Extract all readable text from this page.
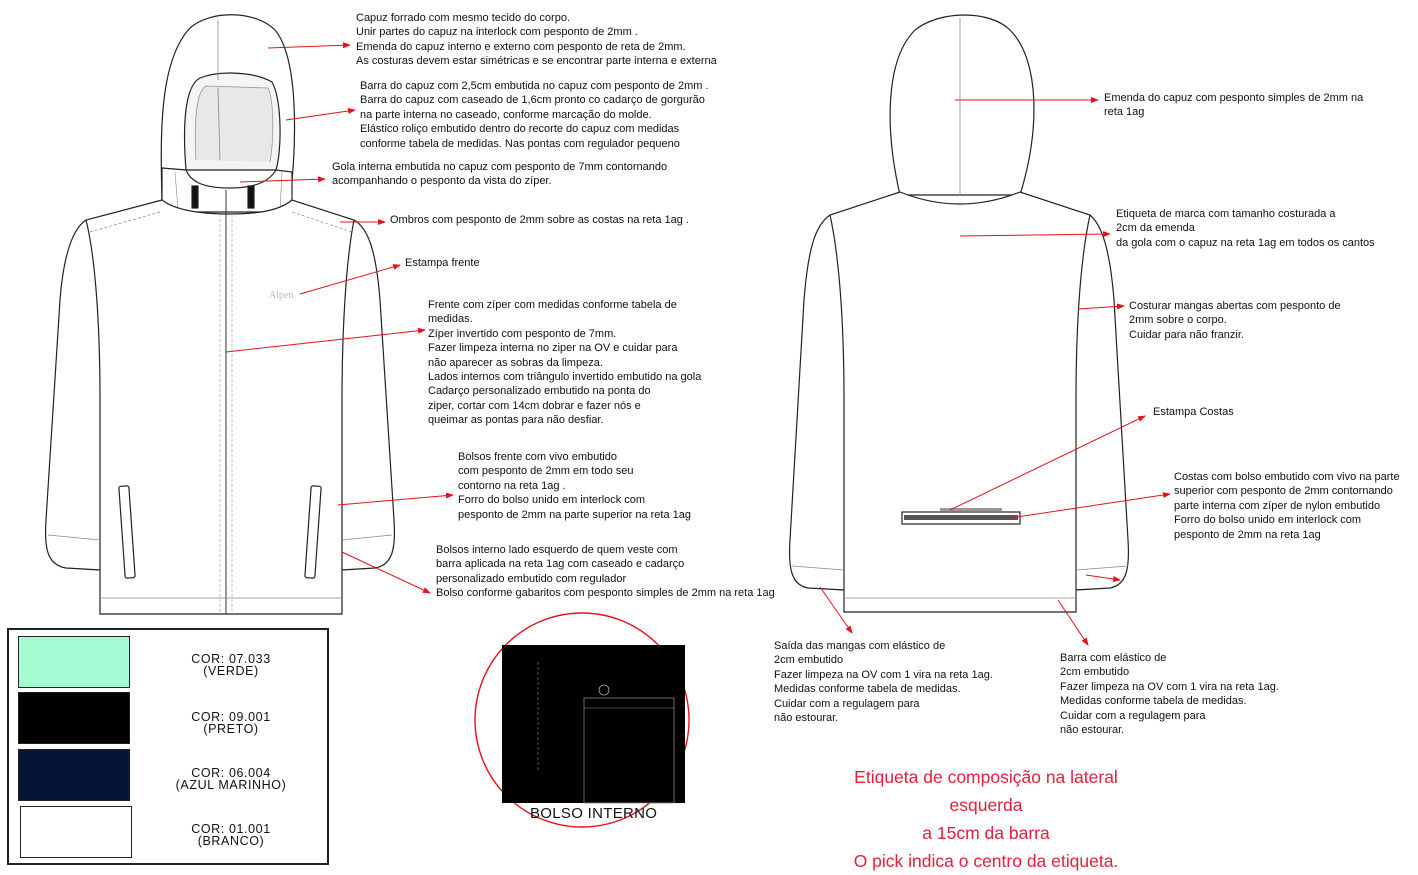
Capuz forrado com mesmo tecido do corpo.
Unir partes do capuz na interlock com pesponto de 2mm .
Emenda do capuz interno e externo com pesponto de reta de 2mm.
As costuras devem estar simétricas e se encontrar parte interna e externa
Barra do capuz com 2,5cm embutida no capuz com pesponto de 2mm .
Barra do capuz com caseado de 1,6cm pronto co cadarço de gorgurão
na parte interna no caseado, conforme marcação do molde.
Elástico roliço embutido dentro do recorte do capuz com medidas
conforme tabela de medidas. Nas pontas com regulador pequeno
Gola interna embutida no capuz com pesponto de 7mm contornando
acompanhando o pesponto da vista do zíper.
Ombros com pesponto de 2mm sobre as costas na reta 1ag .
Estampa frente
Frente com zíper com medidas conforme tabela de
medidas.
Zíper invertido com pesponto de 7mm.
Fazer limpeza interna no ziper na OV e cuidar para
não aparecer as sobras da limpeza.
Lados internos com triângulo invertido embutido na gola
Cadarço personalizado embutido na ponta do
ziper, cortar com 14cm dobrar e fazer nós e
queimar as pontas para não desfiar.
Bolsos frente com vivo embutido
com pesponto de 2mm em todo seu
contorno na reta 1ag .
Forro do bolso unido em interlock com
pesponto de 2mm na parte superior na reta 1ag
Bolsos interno lado esquerdo de quem veste com
barra aplicada na reta 1ag com caseado e cadarço
personalizado embutido com regulador
Bolso conforme gabaritos com pesponto simples de 2mm na reta 1ag
Alpen
Emenda do capuz com pesponto simples de 2mm na
reta 1ag
Etiqueta de marca com tamanho costurada a
2cm da emenda
da gola com o capuz na reta 1ag em todos os cantos
Costurar mangas abertas com pesponto de
2mm sobre o corpo.
Cuidar para não franzir.
Estampa Costas
Costas com bolso embutido com vivo na parte
superior com pesponto de 2mm contornando
parte interna com zíper de nylon embutido
Forro do bolso unido em interlock com
pesponto de 2mm na reta 1ag
Saída das mangas com elástico de
2cm embutido
Fazer limpeza na OV com 1 vira na reta 1ag.
Medidas conforme tabela de medidas.
Cuidar com a regulagem para
não estourar.
Barra com elástico de
2cm embutido
Fazer limpeza na OV com 1 vira na reta 1ag.
Medidas conforme tabela de medidas.
Cuidar com a regulagem para
não estourar.
COR: 07.033
(VERDE)
COR: 09.001
(PRETO)
COR: 06.004
(AZUL MARINHO)
COR: 01.001
(BRANCO)
BOLSO INTERNO
Etiqueta de composição na lateral esquerda
a 15cm da barra
O pick indica o centro da etiqueta.
